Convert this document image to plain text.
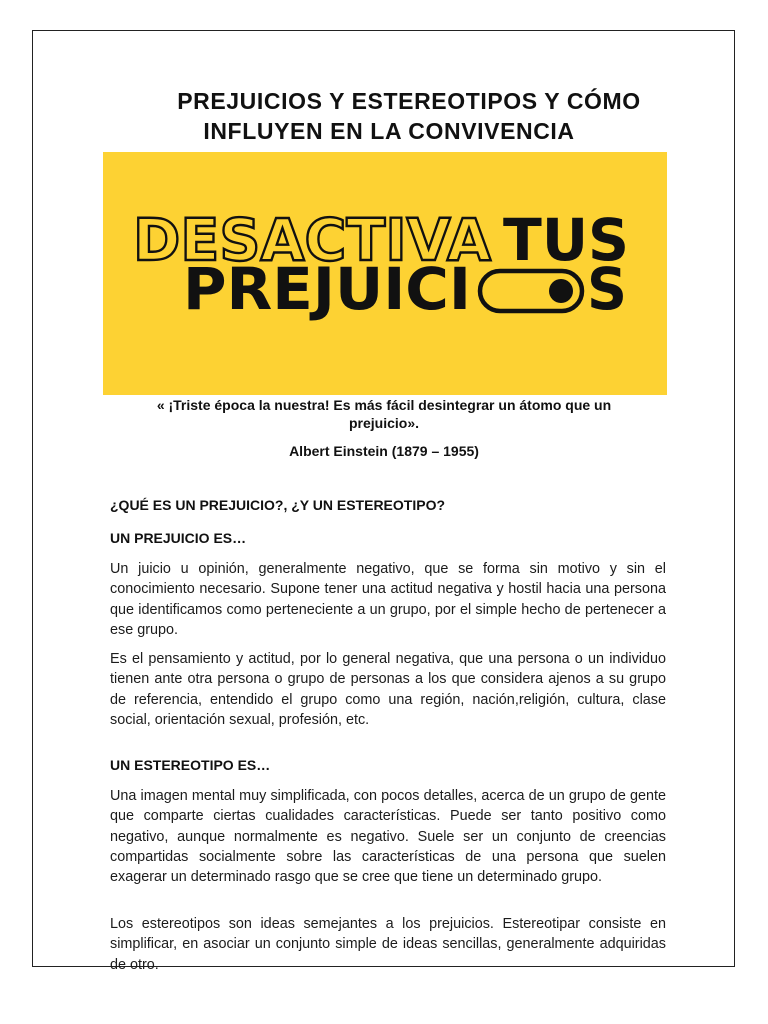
PREJUICIOS Y ESTEREOTIPOS Y CÓMO
INFLUYEN EN LA CONVIVENCIA
DESACTIVA TUS
PREJUICI S

« ¡Triste época la nuestra! Es más fácil desintegrar un átomo que un prejuicio».

Albert Einstein (1879 – 1955)

¿QUÉ ES UN PREJUICIO?, ¿Y UN ESTEREOTIPO?

UN PREJUICIO ES…

Un juicio u opinión, generalmente negativo, que se forma sin motivo y sin el conocimiento necesario. Supone tener una actitud negativa y hostil hacia una persona que identificamos como perteneciente a un grupo, por el simple hecho de pertenecer a ese grupo.

Es el pensamiento y actitud, por lo general negativa, que una persona o un individuo tienen ante otra persona o grupo de personas a los que considera ajenos a su grupo de referencia, entendido el grupo como una región, nación,religión, cultura, clase social, orientación sexual, profesión, etc.

UN ESTEREOTIPO ES…

Una imagen mental muy simplificada, con pocos detalles, acerca de un grupo de gente que comparte ciertas cualidades características. Puede ser tanto positivo como negativo, aunque normalmente es negativo. Suele ser un conjunto de creencias compartidas socialmente sobre las características de una persona que suelen exagerar un determinado rasgo que se cree que tiene un determinado grupo.

Los estereotipos son ideas semejantes a los prejuicios. Estereotipar consiste en simplificar, en asociar un conjunto simple de ideas sencillas, generalmente adquiridas de otro.
